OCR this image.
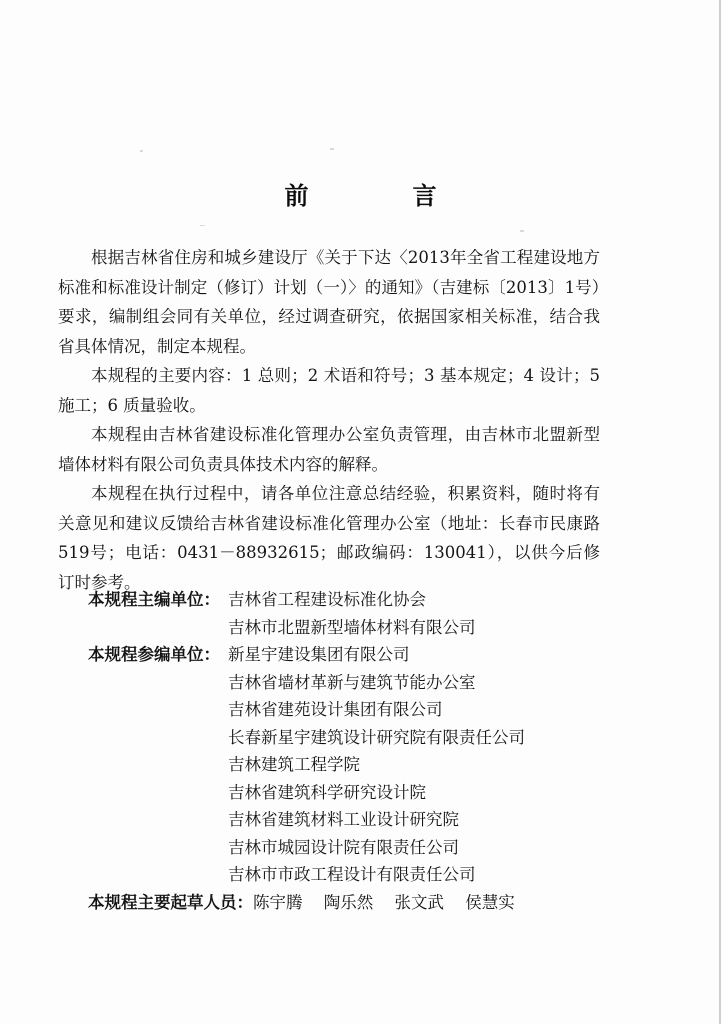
前　言

根据吉林省住房和城乡建设厅《关于下达〈2013年全省工程建设地方标准和标准设计制定（修订）计划（一）〉的通知》（吉建标〔2013〕1号）要求，编制组会同有关单位，经过调查研究，依据国家相关标准，结合我省具体情况，制定本规程。

本规程的主要内容：1 总则；2 术语和符号；3 基本规定；4 设计；5 施工；6 质量验收。

本规程由吉林省建设标准化管理办公室负责管理，由吉林市北盟新型墙体材料有限公司负责具体技术内容的解释。

本规程在执行过程中，请各单位注意总结经验，积累资料，随时将有关意见和建议反馈给吉林省建设标准化管理办公室（地址：长春市民康路519号；电话：0431－88932615；邮政编码：130041），以供今后修订时参考。

本规程主编单位： 吉林省工程建设标准化协会
吉林市北盟新型墙体材料有限公司
本规程参编单位： 新星宇建设集团有限公司
吉林省墙材革新与建筑节能办公室
吉林省建苑设计集团有限公司
长春新星宇建筑设计研究院有限责任公司
吉林建筑工程学院
吉林省建筑科学研究设计院
吉林省建筑材料工业设计研究院
吉林市城园设计院有限责任公司
吉林市市政工程设计有限责任公司
本规程主要起草人员： 陈宇腾 陶乐然 张文武 侯慧实
